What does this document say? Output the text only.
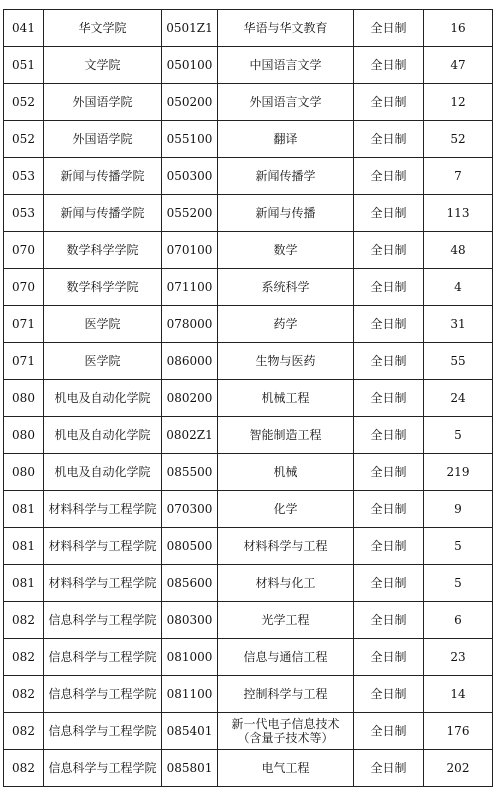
041	华文学院	0501Z1	华语与华文教育	全日制	16
051	文学院	050100	中国语言文学	全日制	47
052	外国语学院	050200	外国语言文学	全日制	12
052	外国语学院	055100	翻译	全日制	52
053	新闻与传播学院	050300	新闻传播学	全日制	7
053	新闻与传播学院	055200	新闻与传播	全日制	113
070	数学科学学院	070100	数学	全日制	48
070	数学科学学院	071100	系统科学	全日制	4
071	医学院	078000	药学	全日制	31
071	医学院	086000	生物与医药	全日制	55
080	机电及自动化学院	080200	机械工程	全日制	24
080	机电及自动化学院	0802Z1	智能制造工程	全日制	5
080	机电及自动化学院	085500	机械	全日制	219
081	材料科学与工程学院	070300	化学	全日制	9
081	材料科学与工程学院	080500	材料科学与工程	全日制	5
081	材料科学与工程学院	085600	材料与化工	全日制	5
082	信息科学与工程学院	080300	光学工程	全日制	6
082	信息科学与工程学院	081000	信息与通信工程	全日制	23
082	信息科学与工程学院	081100	控制科学与工程	全日制	14
082	信息科学与工程学院	085401	新一代电子信息技术（含量子技术等）	全日制	176
082	信息科学与工程学院	085801	电气工程	全日制	202
